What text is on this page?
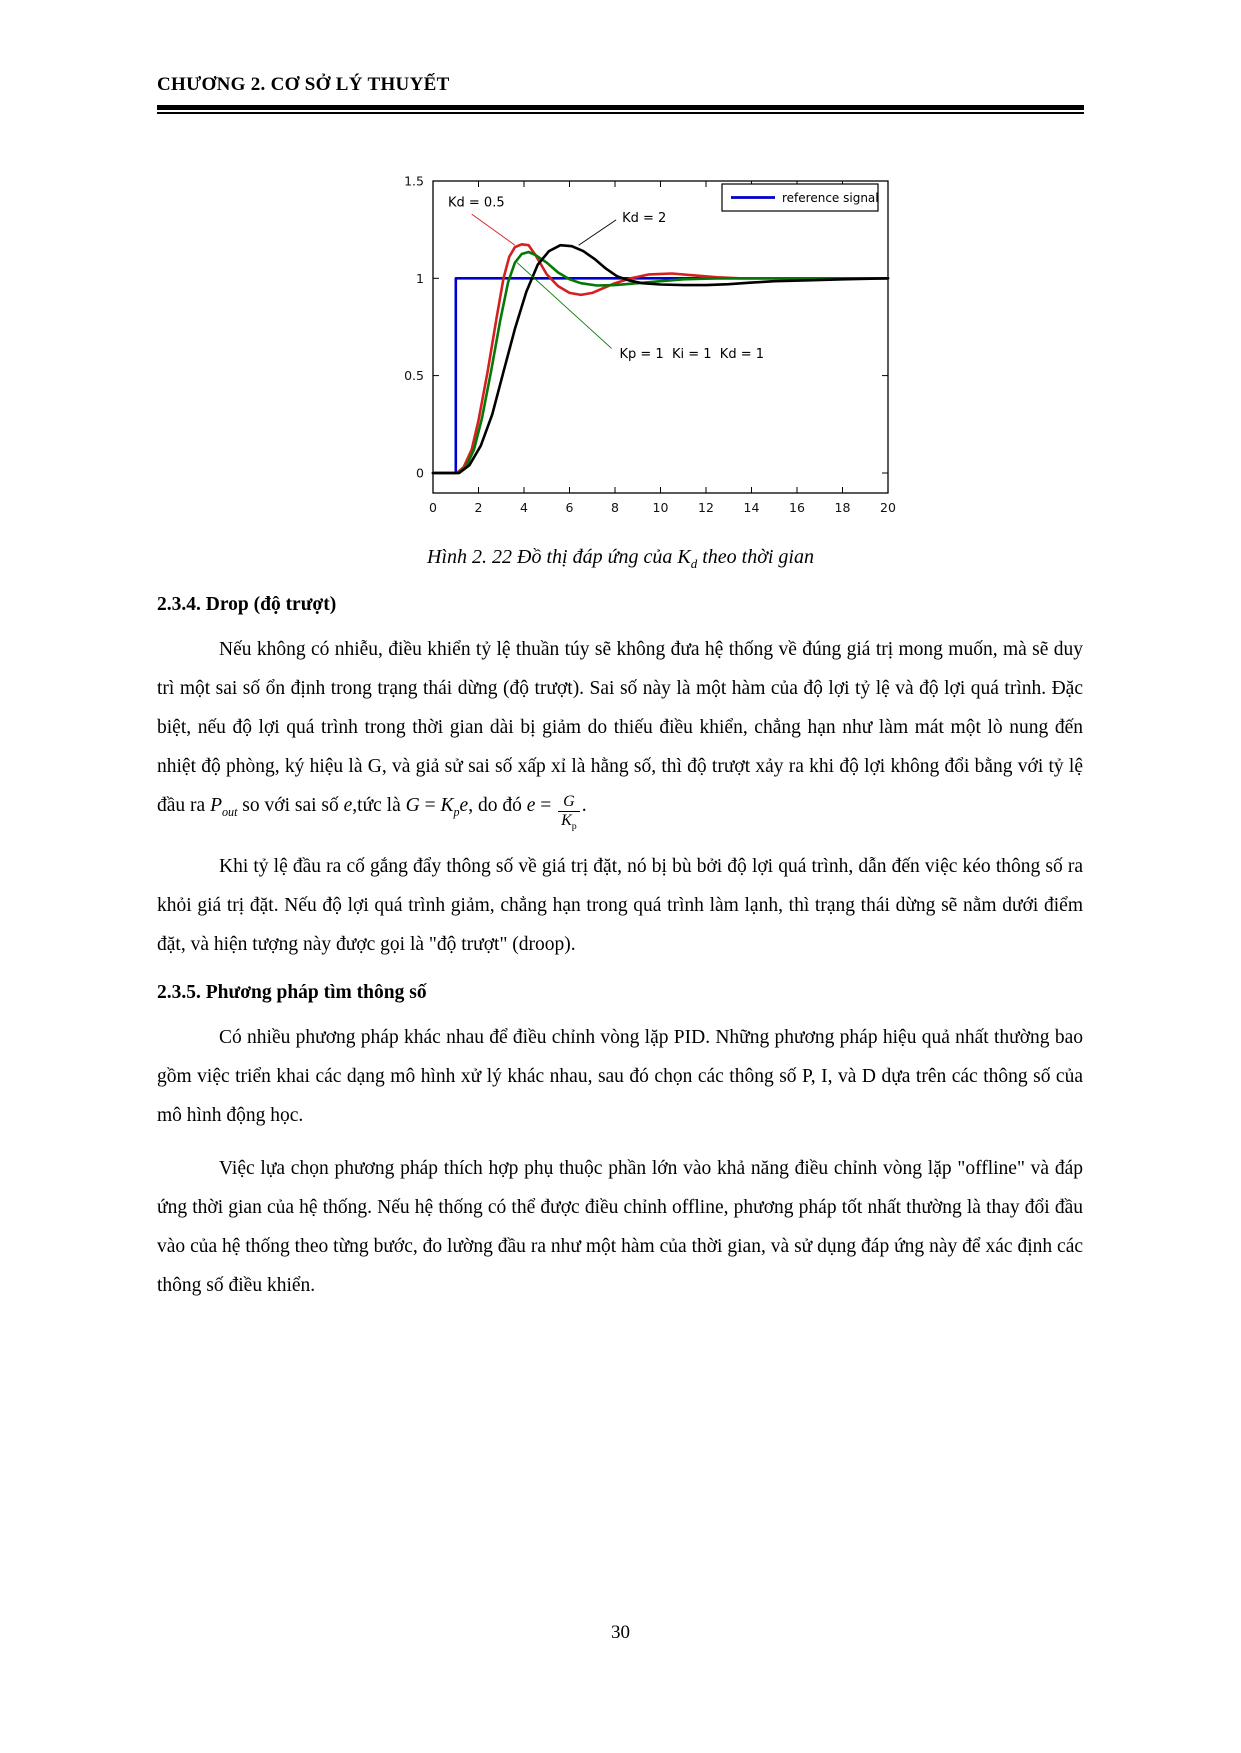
CHƯƠNG 2. CƠ SỞ LÝ THUYẾT
0	2	4	6	8	10 12 14 16 18 20
0
0.5
1
1.5
Kd = 0.5
Kd = 2
Kp = 1  Ki = 1  Kd = 1
reference signal
Hình 2. 22 Đồ thị đáp ứng của $K_d$ theo thời gian
2.3.4. Drop (độ trượt)

Nếu không có nhiễu, điều khiển tỷ lệ thuần túy sẽ không đưa hệ thống về đúng giá trị mong muốn, mà sẽ duy trì một sai số ổn định trong trạng thái dừng (độ trượt). Sai số này là một hàm của độ lợi tỷ lệ và độ lợi quá trình. Đặc biệt, nếu độ lợi quá trình trong thời gian dài bị giảm do thiếu điều khiển, chẳng hạn như làm mát một lò nung đến nhiệt độ phòng, ký hiệu là G, và giả sử sai số xấp xỉ là hằng số, thì độ trượt xảy ra khi độ lợi không đổi bằng với tỷ lệ đầu ra $P_{out}$ so với sai số e,tức là $G = K_pe$, do đó $e = \frac{G}{K_p}$ .

Khi tỷ lệ đầu ra cố gắng đẩy thông số về giá trị đặt, nó bị bù bởi độ lợi quá trình, dẫn đến việc kéo thông số ra khỏi giá trị đặt. Nếu độ lợi quá trình giảm, chẳng hạn trong quá trình làm lạnh, thì trạng thái dừng sẽ nằm dưới điểm đặt, và hiện tượng này được gọi là "độ trượt" (droop).

2.3.5. Phương pháp tìm thông số

Có nhiều phương pháp khác nhau để điều chỉnh vòng lặp PID. Những phương pháp hiệu quả nhất thường bao gồm việc triển khai các dạng mô hình xử lý khác nhau, sau đó chọn các thông số P, I, và D dựa trên các thông số của mô hình động học.

Việc lựa chọn phương pháp thích hợp phụ thuộc phần lớn vào khả năng điều chỉnh vòng lặp "offline" và đáp ứng thời gian của hệ thống. Nếu hệ thống có thể được điều chỉnh offline, phương pháp tốt nhất thường là thay đổi đầu vào của hệ thống theo từng bước, đo lường đầu ra như một hàm của thời gian, và sử dụng đáp ứng này để xác định các thông số điều khiển.

30
